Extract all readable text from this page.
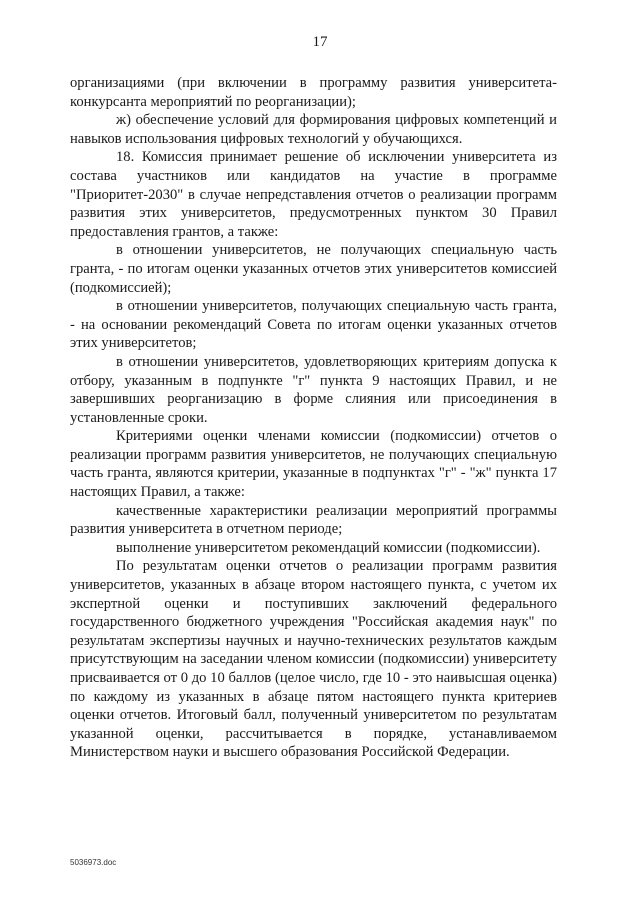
17

организациями (при включении в программу развития университета-конкурсанта мероприятий по реорганизации);

ж) обеспечение условий для формирования цифровых компетенций и навыков использования цифровых технологий у обучающихся.

18. Комиссия принимает решение об исключении университета из состава участников или кандидатов на участие в программе "Приоритет-2030" в случае непредставления отчетов о реализации программ развития этих университетов, предусмотренных пунктом 30 Правил предоставления грантов, а также:

в отношении университетов, не получающих специальную часть гранта, - по итогам оценки указанных отчетов этих университетов комиссией (подкомиссией);

в отношении университетов, получающих специальную часть гранта, - на основании рекомендаций Совета по итогам оценки указанных отчетов этих университетов;

в отношении университетов, удовлетворяющих критериям допуска к отбору, указанным в подпункте "г" пункта 9 настоящих Правил, и не завершивших реорганизацию в форме слияния или присоединения в установленные сроки.

Критериями оценки членами комиссии (подкомиссии) отчетов о реализации программ развития университетов, не получающих специальную часть гранта, являются критерии, указанные в подпунктах "г" - "ж" пункта 17 настоящих Правил, а также:

качественные характеристики реализации мероприятий программы развития университета в отчетном периоде;

выполнение университетом рекомендаций комиссии (подкомиссии).

По результатам оценки отчетов о реализации программ развития университетов, указанных в абзаце втором настоящего пункта, с учетом их экспертной оценки и поступивших заключений федерального государственного бюджетного учреждения "Российская академия наук" по результатам экспертизы научных и научно-технических результатов каждым присутствующим на заседании членом комиссии (подкомиссии) университету присваивается от 0 до 10 баллов (целое число, где 10 - это наивысшая оценка) по каждому из указанных в абзаце пятом настоящего пункта критериев оценки отчетов. Итоговый балл, полученный университетом по результатам указанной оценки, рассчитывается в порядке, устанавливаемом Министерством науки и высшего образования Российской Федерации.

5036973.doc
